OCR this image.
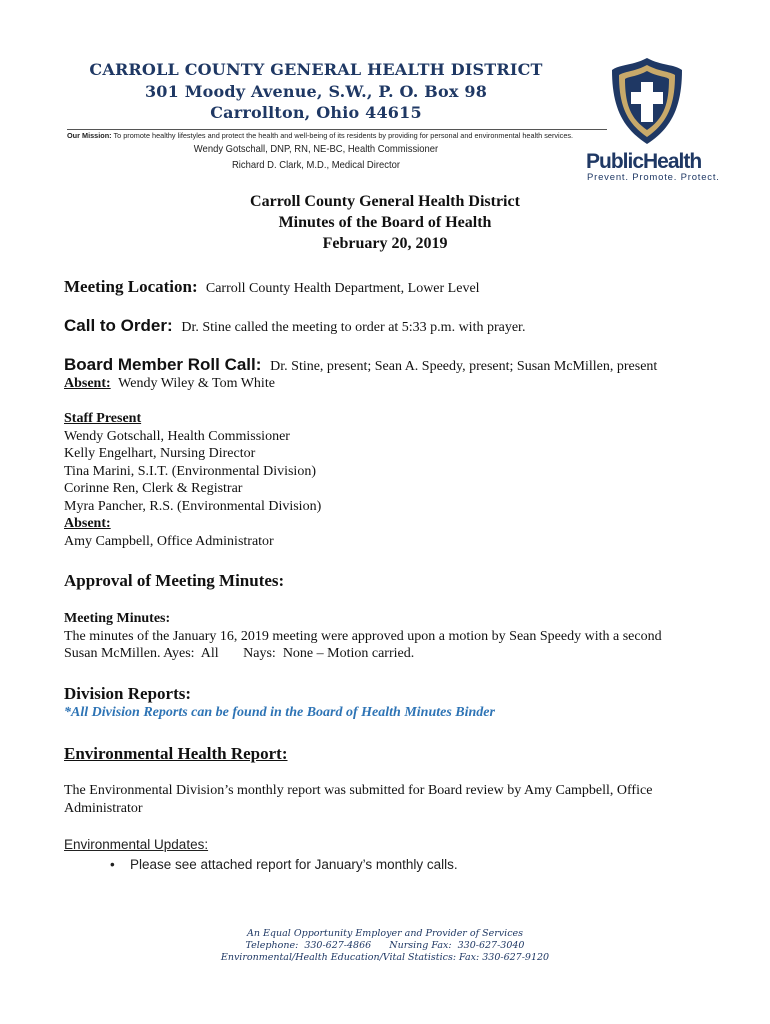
CARROLL COUNTY GENERAL HEALTH DISTRICT
301 Moody Avenue, S.W., P. O. Box 98
Carrollton, Ohio 44615
Our Mission: To promote healthy lifestyles and protect the health and well-being of its residents by providing for personal and environmental health services.
Wendy Gotschall, DNP, RN, NE-BC, Health Commissioner
Richard D. Clark, M.D., Medical Director	PublicHealth
Prevent. Promote. Protect.
Carroll County General Health District
Minutes of the Board of Health
February 20, 2019
Meeting Location: Carroll County Health Department, Lower Level
Call to Order: Dr. Stine called the meeting to order at 5:33 p.m. with prayer.
Board Member Roll Call: Dr. Stine, present; Sean A. Speedy, present; Susan McMillen, present
Absent: Wendy Wiley & Tom White
Staff Present
Wendy Gotschall, Health Commissioner
Kelly Engelhart, Nursing Director
Tina Marini, S.I.T. (Environmental Division)
Corinne Ren, Clerk & Registrar
Myra Pancher, R.S. (Environmental Division)
Absent:
Amy Campbell, Office Administrator
Approval of Meeting Minutes:
Meeting Minutes:
The minutes of the January 16, 2019 meeting were approved upon a motion by Sean Speedy with a second
Susan McMillen. Ayes:  All       Nays:  None – Motion carried.
Division Reports:
*All Division Reports can be found in the Board of Health Minutes Binder
Environmental Health Report:
The Environmental Division’s monthly report was submitted for Board review by Amy Campbell, Office
Administrator
Environmental Updates:
• Please see attached report for January’s monthly calls.
An Equal Opportunity Employer and Provider of Services
Telephone:  330-627-4866      Nursing Fax:  330-627-3040
Environmental/Health Education/Vital Statistics: Fax: 330-627-9120
